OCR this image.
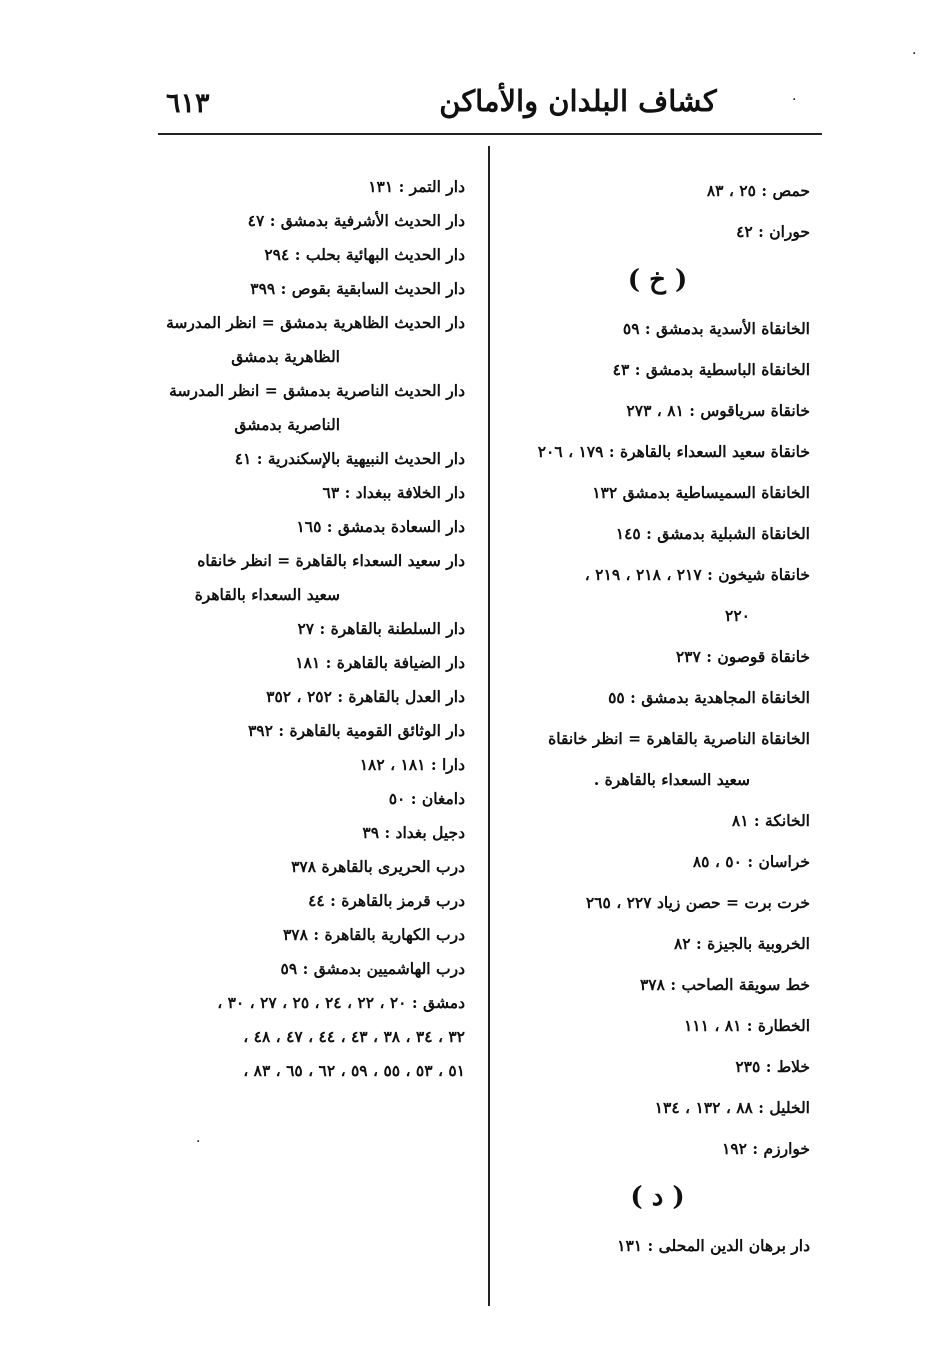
٦١٣	كشاف البلدان والأماكن	·
·
·
حمص : ٢٥ ، ٨٣
حوران : ٤٢
( خ )
الخانقاة الأسدية بدمشق : ٥٩
الخانقاة الباسطية بدمشق : ٤٣
خانقاة سرياقوس : ٨١ ، ٢٧٣
خانقاة سعيد السعداء بالقاهرة : ١٧٩ ، ٢٠٦
الخانقاة السميساطية بدمشق ١٣٢
الخانقاة الشبلية بدمشق : ١٤٥
خانقاة شيخون : ٢١٧ ، ٢١٨ ، ٢١٩ ،
٢٢٠
خانقاة قوصون : ٢٣٧
الخانقاة المجاهدية بدمشق : ٥٥
الخانقاة الناصرية بالقاهرة = انظر خانقاة
سعيد السعداء بالقاهرة .
الخانكة : ٨١
خراسان : ٥٠ ، ٨٥
خرت برت = حصن زياد ٢٢٧ ، ٢٦٥
الخروبية بالجيزة : ٨٢
خط سويقة الصاحب : ٣٧٨
الخطارة : ٨١ ، ١١١
خلاط : ٢٣٥
الخليل : ٨٨ ، ١٣٢ ، ١٣٤
خوارزم : ١٩٢
( د )
دار برهان الدين المحلى : ١٣١
دار التمر : ١٣١
دار الحديث الأشرفية بدمشق : ٤٧
دار الحديث البهائية بحلب : ٢٩٤
دار الحديث السابقية بقوص : ٣٩٩
دار الحديث الظاهرية بدمشق = انظر المدرسة
الظاهرية بدمشق
دار الحديث الناصرية بدمشق = انظر المدرسة
الناصرية بدمشق
دار الحديث النبيهية بالإسكندرية : ٤١
دار الخلافة ببغداد : ٦٣
دار السعادة بدمشق : ١٦٥
دار سعيد السعداء بالقاهرة = انظر خانقاه
سعيد السعداء بالقاهرة
دار السلطنة بالقاهرة : ٢٧
دار الضيافة بالقاهرة : ١٨١
دار العدل بالقاهرة : ٢٥٢ ، ٣٥٢
دار الوثائق القومية بالقاهرة : ٣٩٢
دارا : ١٨١ ، ١٨٢
دامغان : ٥٠
دجيل بغداد : ٣٩
درب الحريرى بالقاهرة ٣٧٨
درب قرمز بالقاهرة : ٤٤
درب الكهارية بالقاهرة : ٣٧٨
درب الهاشميين بدمشق : ٥٩
دمشق : ٢٠ ، ٢٢ ، ٢٤ ، ٢٥ ، ٢٧ ، ٣٠ ،
٣٢ ، ٣٤ ، ٣٨ ، ٤٣ ، ٤٤ ، ٤٧ ، ٤٨ ،
٥١ ، ٥٣ ، ٥٥ ، ٥٩ ، ٦٢ ، ٦٥ ، ٨٣ ،
